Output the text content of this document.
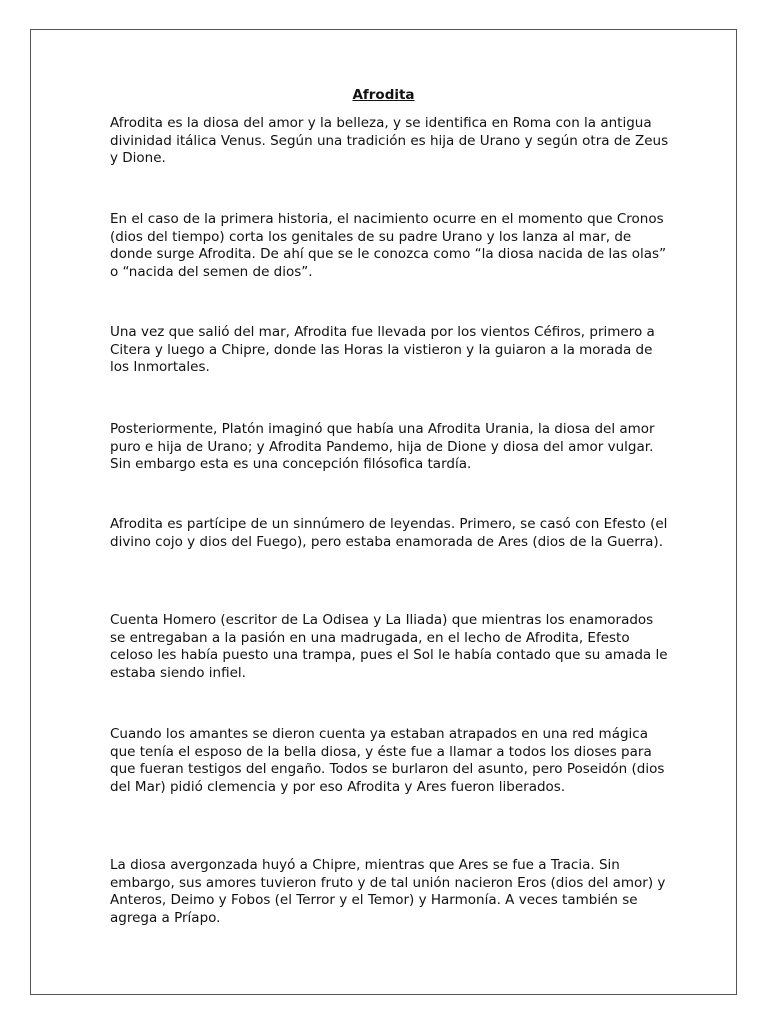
Afrodita

Afrodita es la diosa del amor y la belleza, y se identifica en Roma con la antigua divinidad itálica Venus. Según una tradición es hija de Urano y según otra de Zeus y Dione.

En el caso de la primera historia, el nacimiento ocurre en el momento que Cronos (dios del tiempo) corta los genitales de su padre Urano y los lanza al mar, de donde surge Afrodita. De ahí que se le conozca como “la diosa nacida de las olas” o “nacida del semen de dios”.

Una vez que salió del mar, Afrodita fue llevada por los vientos Céfiros, primero a Citera y luego a Chipre, donde las Horas la vistieron y la guiaron a la morada de los Inmortales.

Posteriormente, Platón imaginó que había una Afrodita Urania, la diosa del amor puro e hija de Urano; y Afrodita Pandemo, hija de Dione y diosa del amor vulgar. Sin embargo esta es una concepción filósofica tardía.

Afrodita es partícipe de un sinnúmero de leyendas. Primero, se casó con Efesto (el divino cojo y dios del Fuego), pero estaba enamorada de Ares (dios de la Guerra).

Cuenta Homero (escritor de La Odisea y La Iliada) que mientras los enamorados se entregaban a la pasión en una madrugada, en el lecho de Afrodita, Efesto celoso les había puesto una trampa, pues el Sol le había contado que su amada le estaba siendo infiel.

Cuando los amantes se dieron cuenta ya estaban atrapados en una red mágica que tenía el esposo de la bella diosa, y éste fue a llamar a todos los dioses para que fueran testigos del engaño. Todos se burlaron del asunto, pero Poseidón (dios del Mar) pidió clemencia y por eso Afrodita y Ares fueron liberados.

La diosa avergonzada huyó a Chipre, mientras que Ares se fue a Tracia. Sin embargo, sus amores tuvieron fruto y de tal unión nacieron Eros (dios del amor) y Anteros, Deimo y Fobos (el Terror y el Temor) y Harmonía. A veces también se agrega a Príapo.
